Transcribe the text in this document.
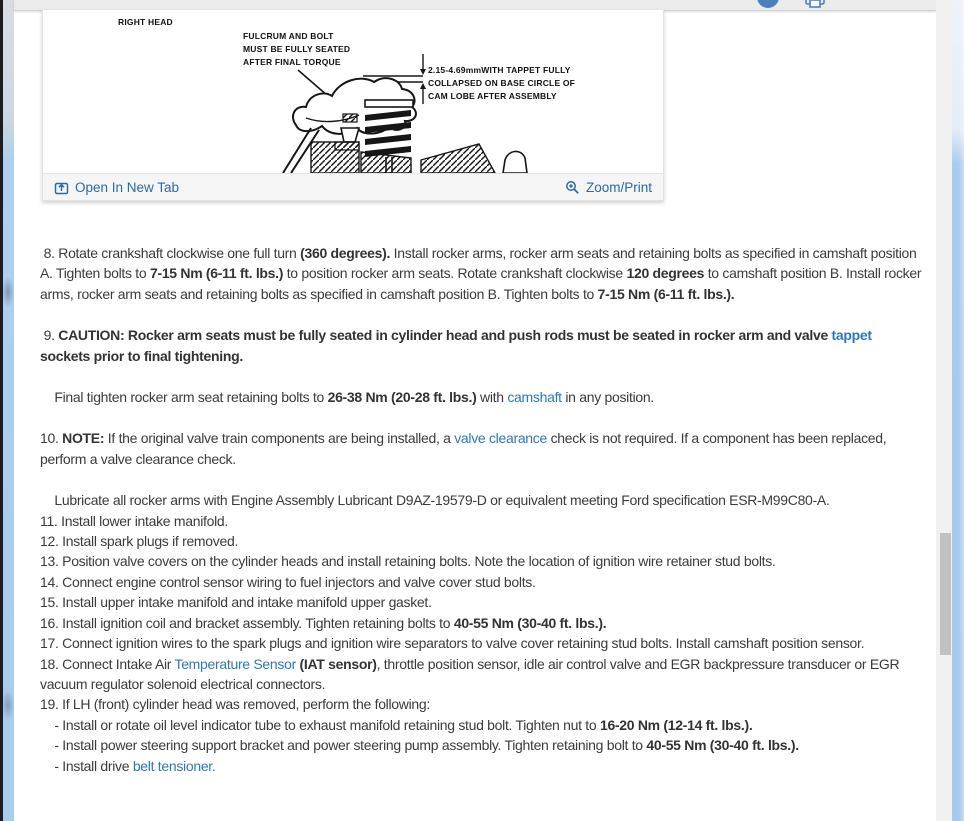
RIGHT HEAD
FULCRUM AND BOLT
MUST BE FULLY SEATED
AFTER FINAL TORQUE
2.15-4.69mmWITH TAPPET FULLY
COLLAPSED ON BASE CIRCLE OF
CAM LOBE AFTER ASSEMBLY
Open In New Tab	Zoom/Print

8. Rotate crankshaft clockwise one full turn (360 degrees). Install rocker arms, rocker arm seats and retaining bolts as specified in camshaft position A. Tighten bolts to 7-15 Nm (6-11 ft. lbs.) to position rocker arm seats. Rotate crankshaft clockwise 120 degrees to camshaft position B. Install rocker arms, rocker arm seats and retaining bolts as specified in camshaft position B. Tighten bolts to 7-15 Nm (6-11 ft. lbs.).

9. CAUTION: Rocker arm seats must be fully seated in cylinder head and push rods must be seated in rocker arm and valve tappet sockets prior to final tightening.

Final tighten rocker arm seat retaining bolts to 26-38 Nm (20-28 ft. lbs.) with camshaft in any position.

10. NOTE: If the original valve train components are being installed, a valve clearance check is not required. If a component has been replaced, perform a valve clearance check.

Lubricate all rocker arms with Engine Assembly Lubricant D9AZ-19579-D or equivalent meeting Ford specification ESR-M99C80-A.

11. Install lower intake manifold.

12. Install spark plugs if removed.

13. Position valve covers on the cylinder heads and install retaining bolts. Note the location of ignition wire retainer stud bolts.

14. Connect engine control sensor wiring to fuel injectors and valve cover stud bolts.

15. Install upper intake manifold and intake manifold upper gasket.

16. Install ignition coil and bracket assembly. Tighten retaining bolts to 40-55 Nm (30-40 ft. lbs.).

17. Connect ignition wires to the spark plugs and ignition wire separators to valve cover retaining stud bolts. Install camshaft position sensor.

18. Connect Intake Air Temperature Sensor (IAT sensor), throttle position sensor, idle air control valve and EGR backpressure transducer or EGR vacuum regulator solenoid electrical connectors.

19. If LH (front) cylinder head was removed, perform the following:

- Install or rotate oil level indicator tube to exhaust manifold retaining stud bolt. Tighten nut to 16-20 Nm (12-14 ft. lbs.).

- Install power steering support bracket and power steering pump assembly. Tighten retaining bolt to 40-55 Nm (30-40 ft. lbs.).

- Install drive belt tensioner.
